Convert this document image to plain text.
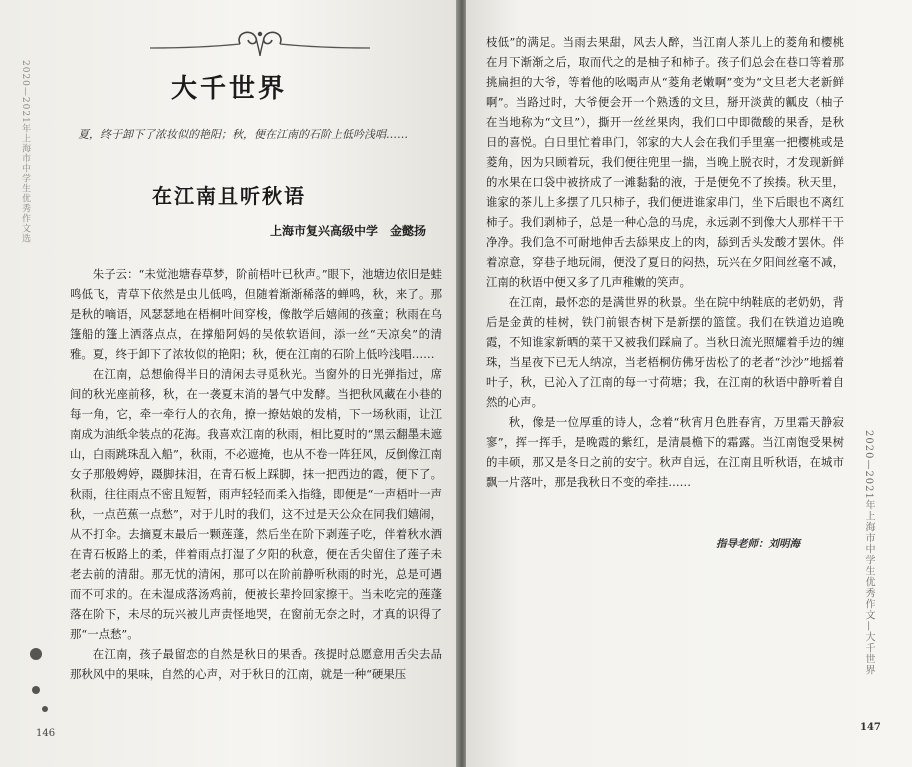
2020—2021年上海市中学生优秀作文选	大千世界
夏，终于卸下了浓妆似的艳阳；秋，便在江南的石阶上低吟浅唱……
在江南且听秋语
上海市复兴高级中学　金懿扬

朱子云：“未觉池塘春草梦，阶前梧叶已秋声。”眼下，池塘边依旧是蛙鸣低飞，青草下依然是虫儿低鸣，但随着渐渐稀落的蝉鸣，秋，来了。那是秋的嘀语，风瑟瑟地在梧桐叶间穿梭，像散学后嬉闹的孩童；秋雨在乌篷船的篷上洒落点点，在撑船阿妈的吴侬软语间，添一丝“天凉矣”的清雅。夏，终于卸下了浓妆似的艳阳；秋，便在江南的石阶上低吟浅唱……

在江南，总想偷得半日的清闲去寻觅秋光。当窗外的日光弹指过，席间的秋光座前移，秋，在一袭夏末消的暑气中发酵。当把秋风藏在小巷的每一角，它，牵一牵行人的衣角，撩一撩姑娘的发梢，下一场秋雨，让江南成为油纸伞装点的花海。我喜欢江南的秋雨，相比夏时的“黑云翻墨未遮山，白雨跳珠乱入船”，秋雨，不必遮掩，也从不卷一阵狂风，反倒像江南女子那般娉婷，蹑脚抹泪，在青石板上踩脚，抹一把西边的霞，便下了。秋雨，往往雨点不密且短暂，雨声轻轻而柔入指缝，即便是“一声梧叶一声秋，一点芭蕉一点愁”，对于儿时的我们，这不过是天公众在同我们嬉闹，从不打伞。去摘夏末最后一颗莲蓬，然后坐在阶下剥莲子吃，伴着秋水酒在青石板路上的柔，伴着雨点打湿了夕阳的秋意，便在舌尖留住了莲子未老去前的清甜。那无忧的清闲，那可以在阶前静听秋雨的时光，总是可遇而不可求的。在未湿成落汤鸡前，便被长辈拎回家擦干。当未吃完的莲蓬落在阶下，未尽的玩兴被儿声责怪地哭，在窗前无奈之时，才真的识得了那“一点愁”。

在江南，孩子最留恋的自然是秋日的果香。孩提时总愿意用舌尖去品那秋风中的果味，自然的心声，对于秋日的江南，就是一种“硬果压

146

枝低”的满足。当雨去果甜，风去人醉，当江南人茶儿上的菱角和樱桃在月下渐渐之后，取而代之的是柚子和柿子。孩子们总会在巷口等着那挑扁担的大爷，等着他的吆喝声从“菱角老嫩啊”变为“文旦老大老新鲜啊”。当路过时，大爷便会开一个熟透的文旦，掰开淡黄的瓤皮（柚子在当地称为“文旦”），撕开一丝丝果肉，我们口中即微酸的果香，是秋日的喜悦。白日里忙着串门，邻家的大人会在我们手里塞一把樱桃或是菱角，因为只顾着玩，我们便往兜里一揣，当晚上脱衣时，才发现新鲜的水果在口袋中被挤成了一滩黏黏的液，于是便免不了挨揍。秋天里，谁家的茶儿上多摆了几只柿子，我们便进谁家串门，坐下后眼也不离红柿子。我们剥柿子，总是一种心急的马虎，永远剥不到像大人那样干干净净。我们急不可耐地伸舌去舔果皮上的肉，舔到舌头发酸才罢休。伴着凉意，穿巷子地玩闹，便没了夏日的闷热，玩兴在夕阳间丝毫不减，江南的秋语中便又多了几声稚嫩的笑声。

在江南，最怀恋的是满世界的秋景。坐在院中纳鞋底的老奶奶，背后是金黄的桂树，铁门前银杏树下是新摆的篮筐。我们在铁道边追晚霞，不知谁家新晒的菜干又被我们踩扁了。当秋日流光照耀着手边的缠珠，当星夜下已无人纳凉，当老梧桐仿佛牙齿松了的老者“沙沙”地摇着叶子，秋，已沁入了江南的每一寸荷塘；我，在江南的秋语中静听着自然的心声。

秋，像是一位厚重的诗人，念着“秋宵月色胜春宵，万里霜天静寂寥”，挥一挥手，是晚霞的紫红，是清晨檐下的霜露。当江南饱受果树的丰硕，那又是冬日之前的安宁。秋声自远，在江南且听秋语，在城市飘一片落叶，那是我秋日不变的牵挂……

指导老师：刘明海	2020—2021年上海市中学生优秀作文—大千世界
147
